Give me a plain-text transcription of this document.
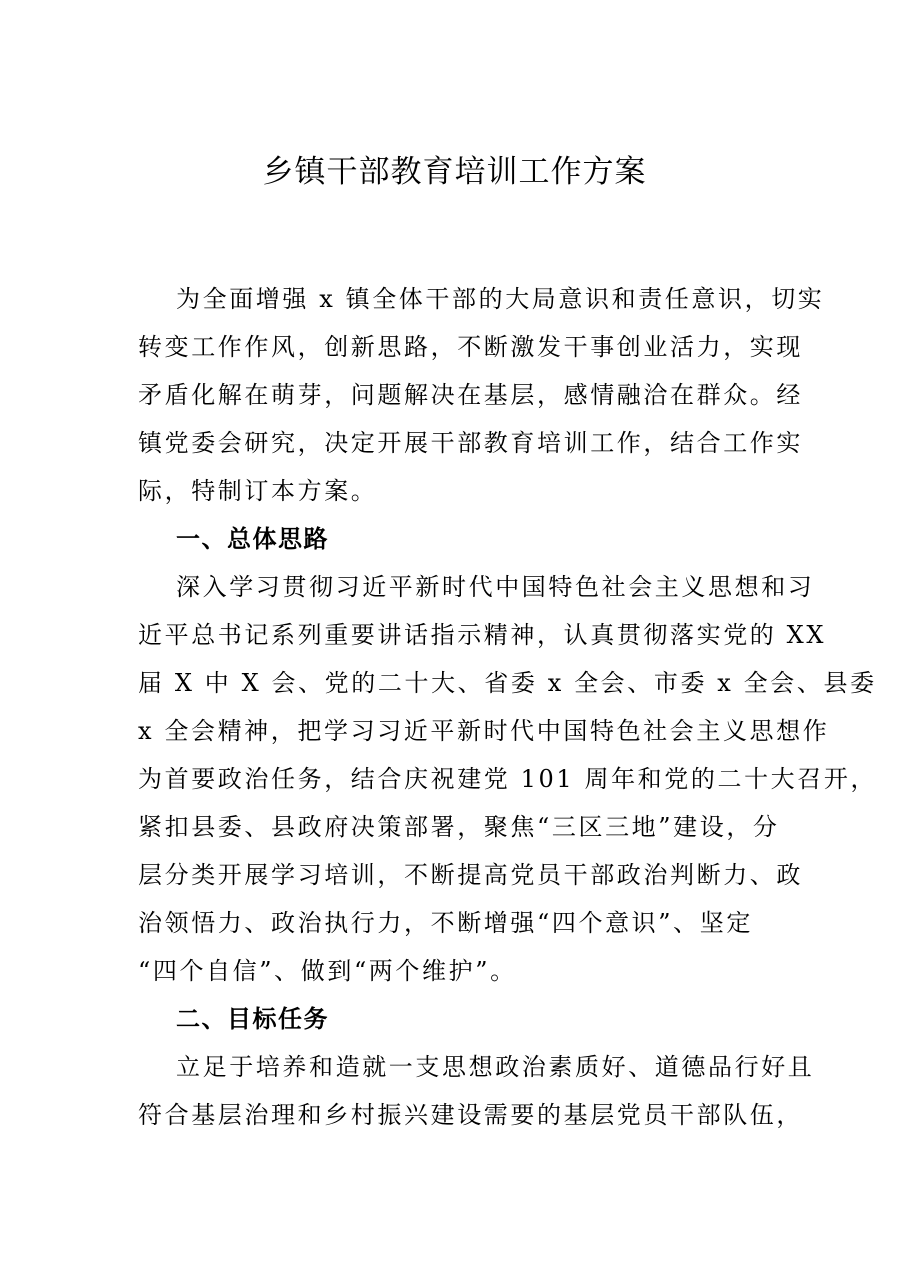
乡镇干部教育培训工作方案
为全面增强 x 镇全体干部的大局意识和责任意识，切实
转变工作作风，创新思路，不断激发干事创业活力，实现
矛盾化解在萌芽，问题解决在基层，感情融洽在群众。经
镇党委会研究，决定开展干部教育培训工作，结合工作实
际，特制订本方案。
一、总体思路
深入学习贯彻习近平新时代中国特色社会主义思想和习
近平总书记系列重要讲话指示精神，认真贯彻落实党的 XX
届 X 中 X 会、党的二十大、省委 x 全会、市委 x 全会、县委
x 全会精神，把学习习近平新时代中国特色社会主义思想作
为首要政治任务，结合庆祝建党 101 周年和党的二十大召开，
紧扣县委、县政府决策部署，聚焦“三区三地”建设，分
层分类开展学习培训，不断提高党员干部政治判断力、政
治领悟力、政治执行力，不断增强“四个意识”、坚定
“四个自信”、做到“两个维护”。
二、目标任务
立足于培养和造就一支思想政治素质好、道德品行好且
符合基层治理和乡村振兴建设需要的基层党员干部队伍，
